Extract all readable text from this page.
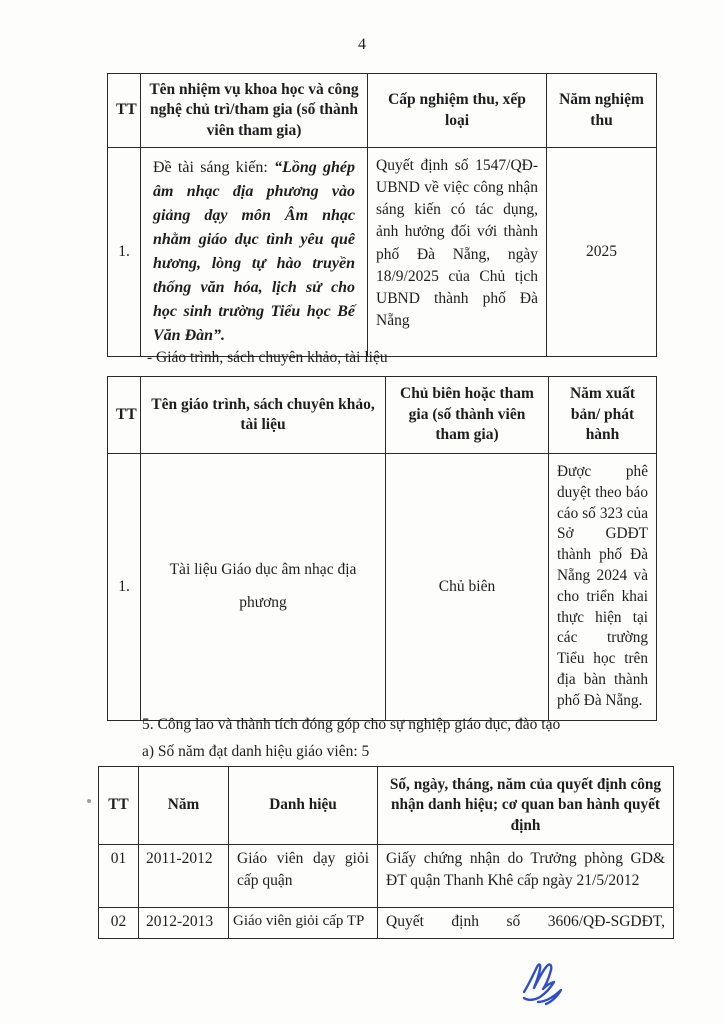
4
TT	Tên nhiệm vụ khoa học và công nghệ chủ trì/tham gia (số thành viên tham gia)	Cấp nghiệm thu, xếp loại	Năm nghiệm thu
1.	Đề tài sáng kiến: “Lồng ghép âm nhạc địa phương vào giảng dạy môn Âm nhạc nhằm giáo dục tình yêu quê hương, lòng tự hào truyền thống văn hóa, lịch sử cho học sinh trường Tiểu học Bế Văn Đàn”.	Quyết định số 1547/QĐ-UBND về việc công nhận sáng kiến có tác dụng, ảnh hưởng đối với thành phố Đà Nẵng, ngày 18/9/2025 của Chủ tịch UBND thành phố Đà Nẵng	2025
- Giáo trình, sách chuyên khảo, tài liệu
TT	Tên giáo trình, sách chuyên khảo, tài liệu	Chủ biên hoặc tham gia (số thành viên tham gia)	Năm xuất bản/ phát hành
1.	Tài liệu Giáo dục âm nhạc địa phương	Chủ biên	Được phê duyệt theo báo cáo số 323 của Sở GDĐT thành phố Đà Nẵng 2024 và cho triển khai thực hiện tại các trường Tiểu học trên địa bàn thành phố Đà Nẵng.
5. Công lao và thành tích đóng góp cho sự nghiệp giáo dục, đào tạo
a) Số năm đạt danh hiệu giáo viên: 5
TT	Năm	Danh hiệu	Số, ngày, tháng, năm của quyết định công nhận danh hiệu; cơ quan ban hành quyết định
01	2011-2012	Giáo viên dạy giỏi cấp quận	Giấy chứng nhận do Trưởng phòng GD& ĐT quận Thanh Khê cấp ngày 21/5/2012
02	2012-2013	Giáo viên giỏi cấp TP	Quyết định số 3606/QĐ-SGDĐT,
